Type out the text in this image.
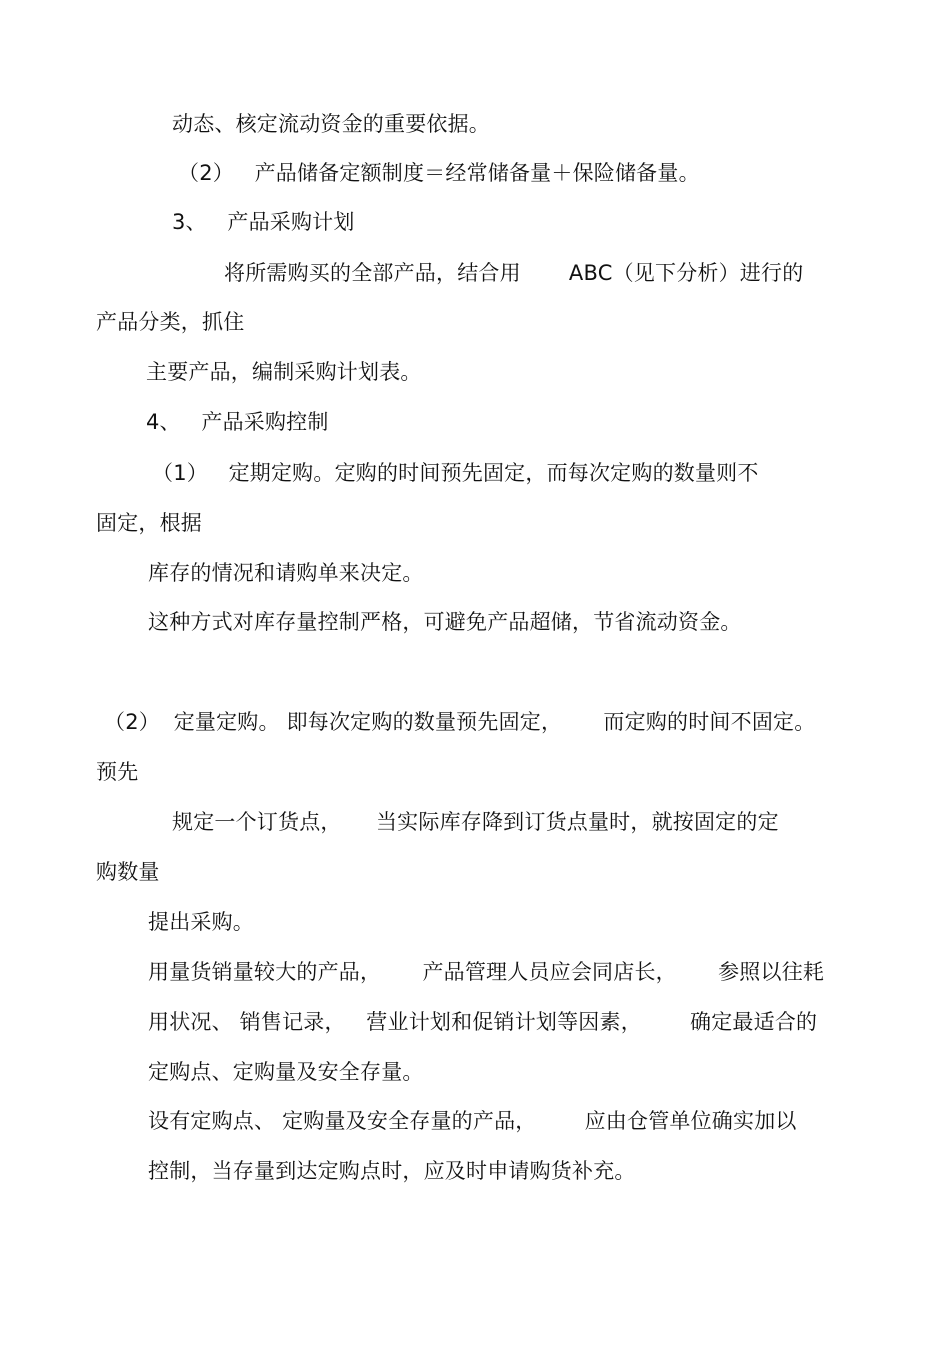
动态、核定流动资金的重要依据。
（2）   产品储备定额制度＝经常储备量＋保险储备量。
3、   产品采购计划
将所需购买的全部产品，结合用       ABC（见下分析）进行的
产品分类，抓住
主要产品，编制采购计划表。
4、   产品采购控制
（1）   定期定购。定购的时间预先固定，而每次定购的数量则不
固定，根据
库存的情况和请购单来决定。
这种方式对库存量控制严格，可避免产品超储，节省流动资金。
（2）  定量定购。 即每次定购的数量预先固定，      而定购的时间不固定。
预先
规定一个订货点，     当实际库存降到订货点量时，就按固定的定
购数量
提出采购。
用量货销量较大的产品，      产品管理人员应会同店长，      参照以往耗
用状况、 销售记录，   营业计划和促销计划等因素，       确定最适合的
定购点、定购量及安全存量。
设有定购点、 定购量及安全存量的产品，       应由仓管单位确实加以
控制，当存量到达定购点时，应及时申请购货补充。
